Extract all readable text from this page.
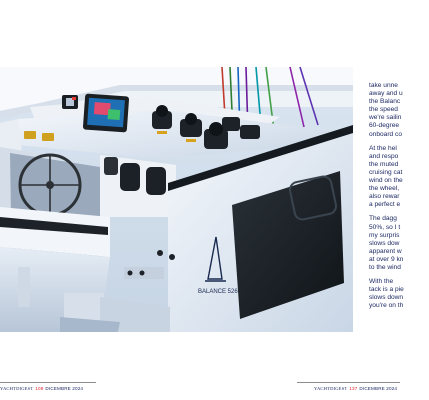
BALANCE 526
take unne
away and u
the Balanc
the speed
we're sailin
60-degree
onboard co
At the hel
and respo
the muted
cruising cat
wind on the
the wheel,
also rewar
a perfect e
The dagg
50%, so I t
my surpris
slows dow
apparent w
at over 9 kn
to the wind
With the
tack is a pie
slows down
you're on th
YACHTDIGEST 109 DICEMBRE 2024	YACHTDIGEST 137 DICEMBRE 2024
